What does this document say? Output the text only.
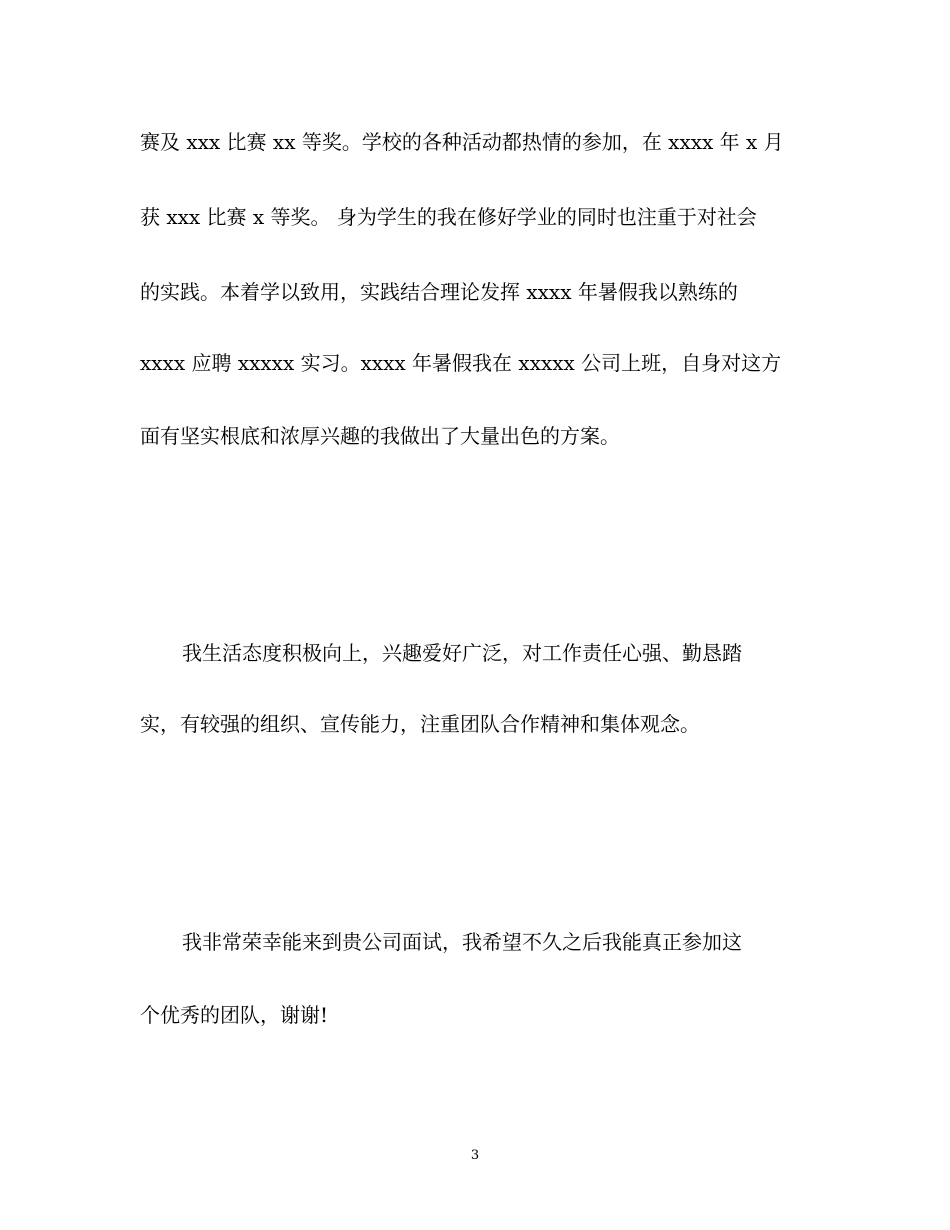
赛及 xxx 比赛 xx 等奖。学校的各种活动都热情的参加，在 xxxx 年 x 月
获 xxx 比赛 x 等奖。 身为学生的我在修好学业的同时也注重于对社会
的实践。本着学以致用，实践结合理论发挥 xxxx 年暑假我以熟练的
xxxx 应聘 xxxxx 实习。xxxx 年暑假我在 xxxxx 公司上班，自身对这方
面有坚实根底和浓厚兴趣的我做出了大量出色的方案。
我生活态度积极向上，兴趣爱好广泛，对工作责任心强、勤恳踏
实，有较强的组织、宣传能力，注重团队合作精神和集体观念。
我非常荣幸能来到贵公司面试，我希望不久之后我能真正参加这
个优秀的团队，谢谢!
3
